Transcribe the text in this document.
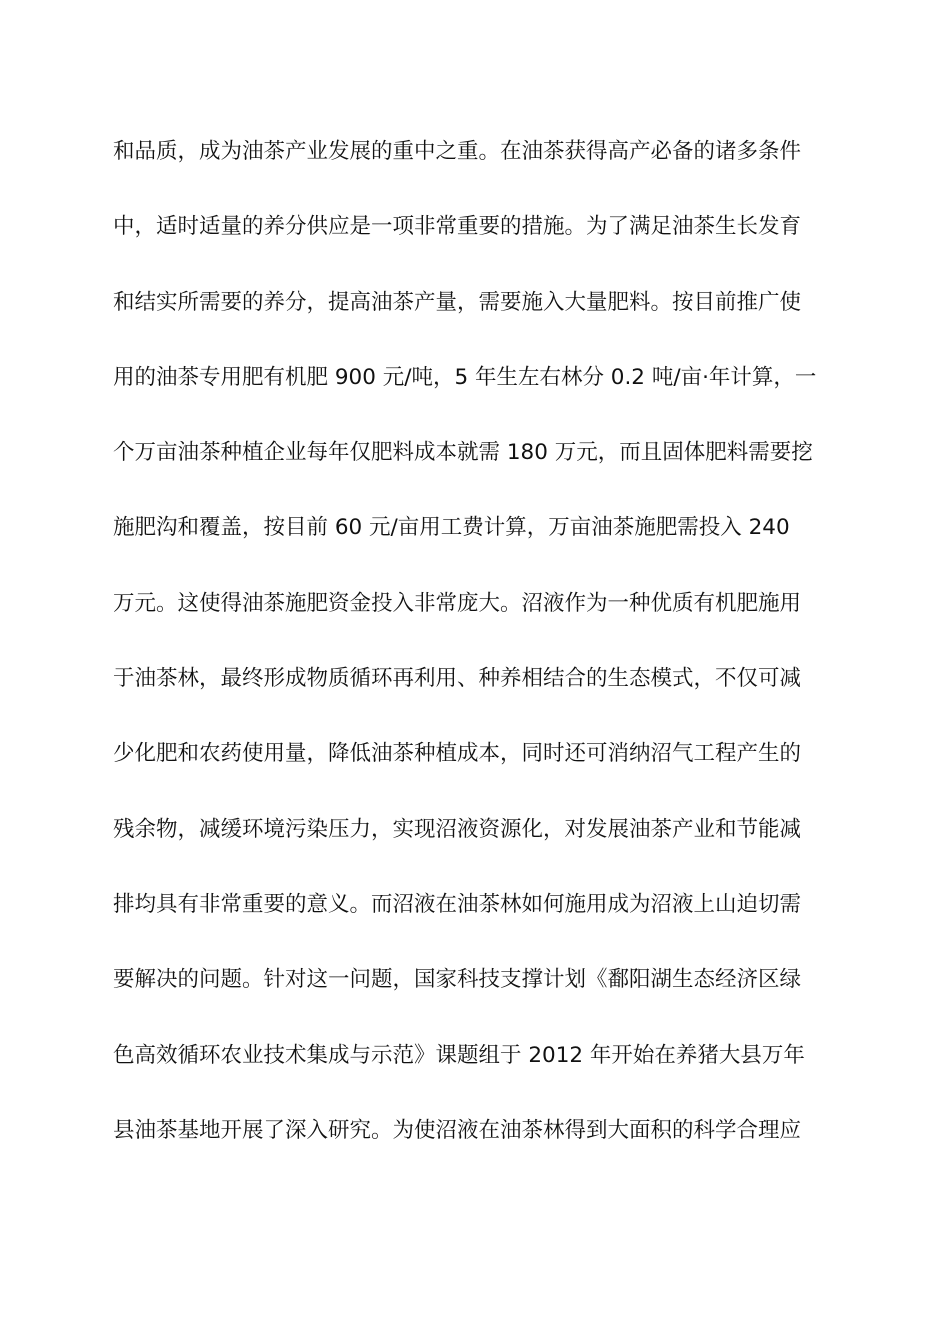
和品质，成为油茶产业发展的重中之重。在油茶获得高产必备的诸多条件
中，适时适量的养分供应是一项非常重要的措施。为了满足油茶生长发育
和结实所需要的养分，提高油茶产量，需要施入大量肥料。按目前推广使
用的油茶专用肥有机肥 900 元/吨，5 年生左右林分 0.2 吨/亩·年计算，一
个万亩油茶种植企业每年仅肥料成本就需 180 万元，而且固体肥料需要挖
施肥沟和覆盖，按目前 60 元/亩用工费计算，万亩油茶施肥需投入 240
万元。这使得油茶施肥资金投入非常庞大。沼液作为一种优质有机肥施用
于油茶林，最终形成物质循环再利用、种养相结合的生态模式，不仅可减
少化肥和农药使用量，降低油茶种植成本，同时还可消纳沼气工程产生的
残余物，减缓环境污染压力，实现沼液资源化，对发展油茶产业和节能减
排均具有非常重要的意义。而沼液在油茶林如何施用成为沼液上山迫切需
要解决的问题。针对这一问题，国家科技支撑计划《鄱阳湖生态经济区绿
色高效循环农业技术集成与示范》课题组于 2012 年开始在养猪大县万年
县油茶基地开展了深入研究。为使沼液在油茶林得到大面积的科学合理应
